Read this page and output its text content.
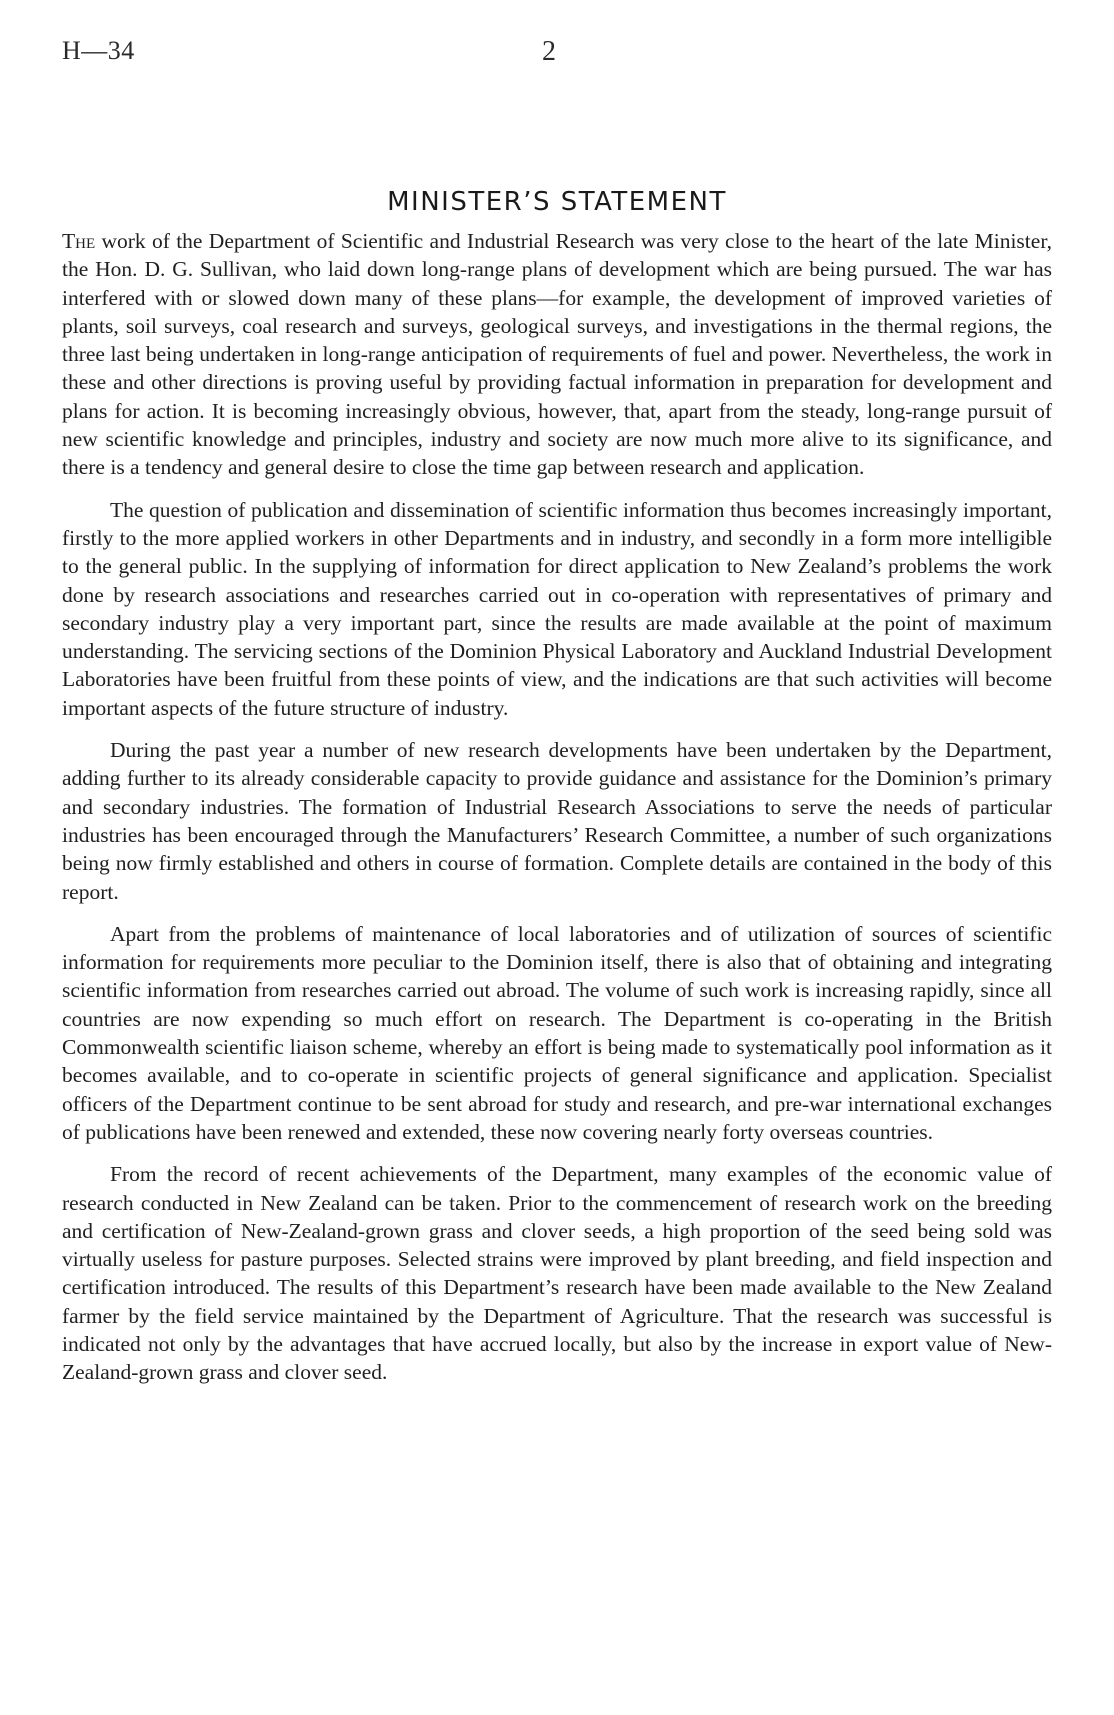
H—34	2
MINISTER’S STATEMENT

The work of the Department of Scientific and Industrial Research was very close to the heart of the late Minister, the Hon. D. G. Sullivan, who laid down long-range plans of development which are being pursued. The war has interfered with or slowed down many of these plans—for example, the development of improved varieties of plants, soil surveys, coal research and surveys, geological surveys, and investigations in the thermal regions, the three last being undertaken in long-range anticipation of requirements of fuel and power. Nevertheless, the work in these and other directions is proving useful by providing factual information in preparation for development and plans for action. It is becoming increasingly obvious, however, that, apart from the steady, long-range pursuit of new scientific knowledge and principles, industry and society are now much more alive to its significance, and there is a tendency and general desire to close the time gap between research and application.

The question of publication and dissemination of scientific information thus becomes increasingly important, firstly to the more applied workers in other Departments and in industry, and secondly in a form more intelligible to the general public. In the supplying of information for direct application to New Zealand’s problems the work done by research associations and researches carried out in co-operation with representatives of primary and secondary industry play a very important part, since the results are made available at the point of maximum understanding. The servicing sections of the Dominion Physical Laboratory and Auckland Industrial Development Laboratories have been fruitful from these points of view, and the indications are that such activities will become important aspects of the future structure of industry.

During the past year a number of new research developments have been undertaken by the Department, adding further to its already considerable capacity to provide guidance and assistance for the Dominion’s primary and secondary industries. The formation of Industrial Research Associations to serve the needs of particular industries has been encouraged through the Manufacturers’ Research Committee, a number of such organizations being now firmly established and others in course of formation. Complete details are contained in the body of this report.

Apart from the problems of maintenance of local laboratories and of utilization of sources of scientific information for requirements more peculiar to the Dominion itself, there is also that of obtaining and integrating scientific information from researches carried out abroad. The volume of such work is increasing rapidly, since all countries are now expending so much effort on research. The Department is co-operating in the British Commonwealth scientific liaison scheme, whereby an effort is being made to systematically pool information as it becomes available, and to co-operate in scientific projects of general significance and application. Specialist officers of the Department continue to be sent abroad for study and research, and pre-war international exchanges of publications have been renewed and extended, these now covering nearly forty overseas countries.

From the record of recent achievements of the Department, many examples of the economic value of research conducted in New Zealand can be taken. Prior to the commencement of research work on the breeding and certification of New-Zealand-grown grass and clover seeds, a high proportion of the seed being sold was virtually useless for pasture purposes. Selected strains were improved by plant breeding, and field inspection and certification introduced. The results of this Department’s research have been made available to the New Zealand farmer by the field service maintained by the Department of Agriculture. That the research was successful is indicated not only by the advantages that have accrued locally, but also by the increase in export value of New-Zealand-grown grass and clover seed.
